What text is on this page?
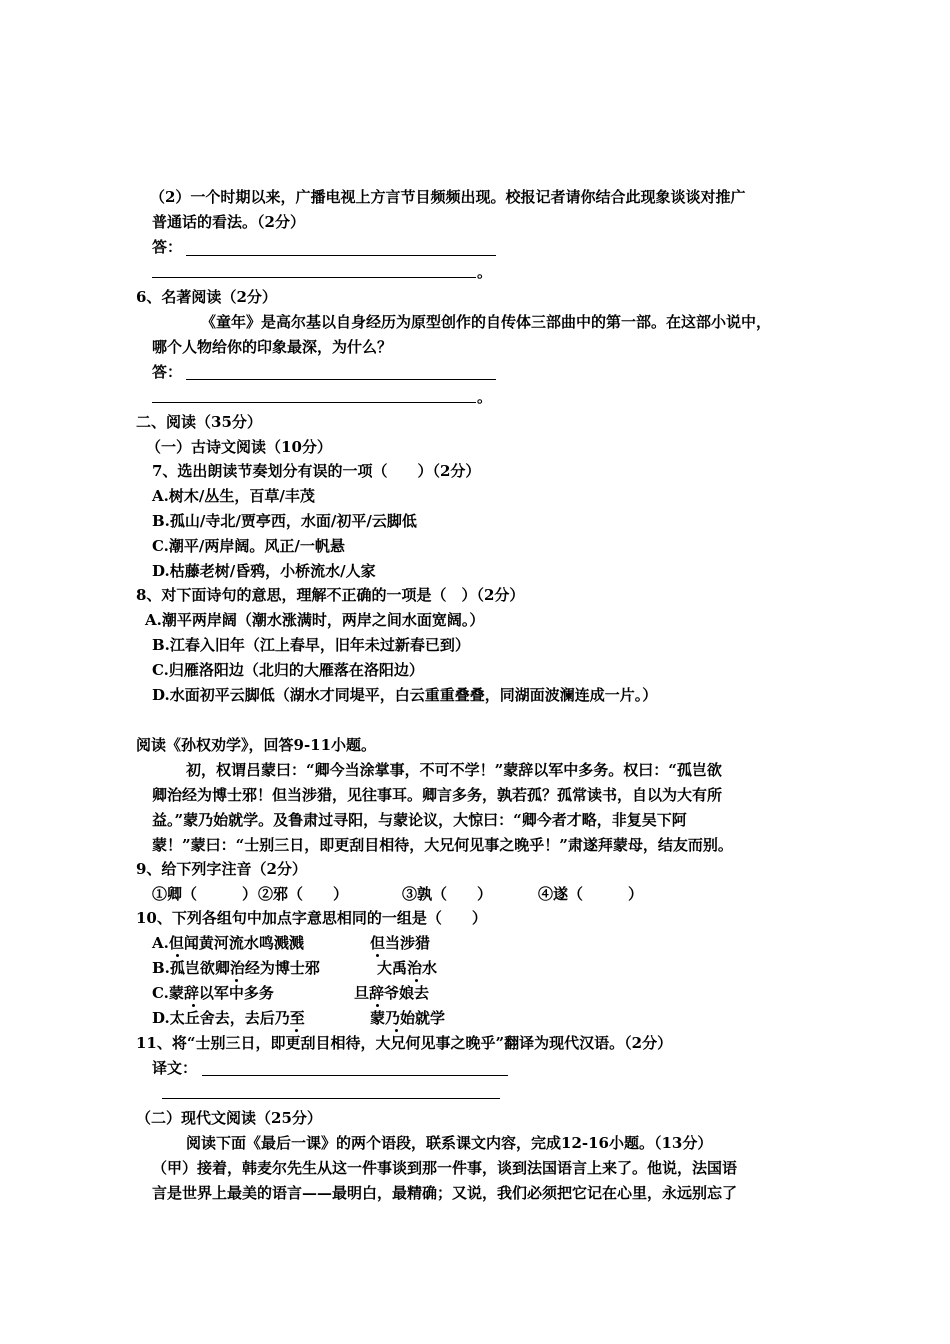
（2）一个时期以来，广播电视上方言节目频频出现。校报记者请你结合此现象谈谈对推广
普通话的看法。（2分）
答：
。
6、名著阅读（2分）
《童年》是高尔基以自身经历为原型创作的自传体三部曲中的第一部。在这部小说中，
哪个人物给你的印象最深，为什么？
答：
。
二、阅读（35分）
（一）古诗文阅读（10分）
7、选出朗读节奏划分有误的一项（　　）（2分）
A.树木/丛生，百草/丰茂
B.孤山/寺北/贾亭西，水面/初平/云脚低
C.潮平/两岸阔。风正/一帆悬
D.枯藤老树/昏鸦，小桥流水/人家
8、对下面诗句的意思，理解不正确的一项是（　）（2分）
A.潮平两岸阔（潮水涨满时，两岸之间水面宽阔。）
B.江春入旧年（江上春早，旧年未过新春已到）
C.归雁洛阳边（北归的大雁落在洛阳边）
D.水面初平云脚低（湖水才同堤平，白云重重叠叠，同湖面波澜连成一片。）
阅读《孙权劝学》，回答9-11小题。
初，权谓吕蒙曰：“卿今当涂掌事，不可不学！”蒙辞以军中多务。权曰：“孤岂欲
卿治经为博士邪！但当涉猎，见往事耳。卿言多务，孰若孤？孤常读书，自以为大有所
益。”蒙乃始就学。及鲁肃过寻阳，与蒙论议，大惊曰：“卿今者才略，非复吴下阿
蒙！”蒙曰：“士别三日，即更刮目相待，大兄何见事之晚乎！”肃遂拜蒙母，结友而别。
9、给下列字注音（2分）
①卿（　　　） ②邪（　　）	③孰（　　）	④遂（　　　）
10、下列各组句中加点字意思相同的一组是（　　）
A.但闻黄河流水鸣溅溅	但当涉猎
B.孤岂欲卿治经为博士邪	大禹治水
C.蒙辞以军中多务	旦辞爷娘去
D.太丘舍去，去后乃至	蒙乃始就学
11、将“士别三日，即更刮目相待，大兄何见事之晚乎”翻译为现代汉语。（2分）
译文：
（二）现代文阅读（25分）
阅读下面《最后一课》的两个语段，联系课文内容，完成12-16小题。（13分）
（甲）接着，韩麦尔先生从这一件事谈到那一件事，谈到法国语言上来了。他说，法国语
言是世界上最美的语言——最明白，最精确；又说，我们必须把它记在心里，永远别忘了
